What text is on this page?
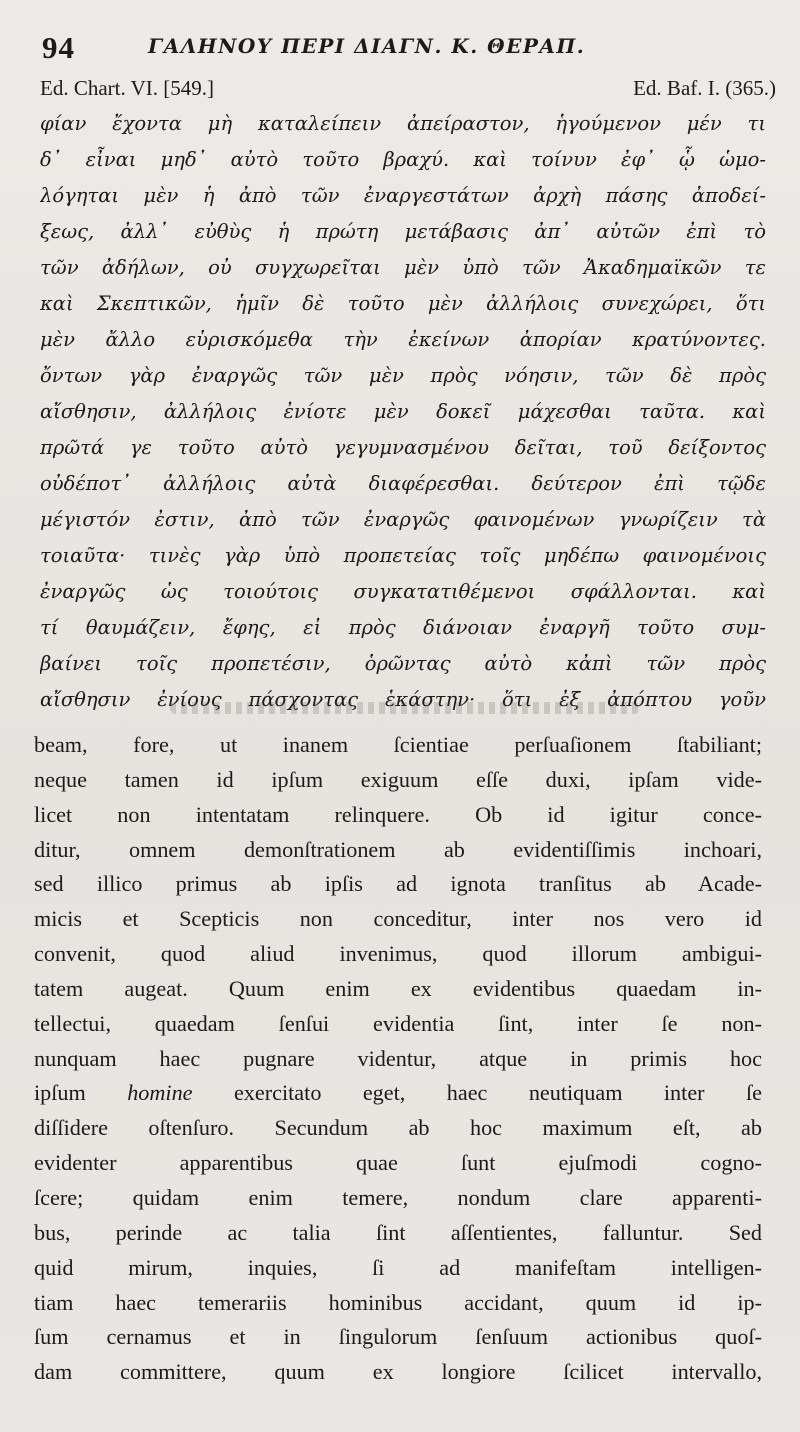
94	ΓΑΛΗΝΟΥ ΠΕΡΙ ΔΙΑΓΝ. Κ. ΘΕΡΑΠ.
Ed. Chart. VI. [549.]	Ed. Baf. I. (365.)
φίαν ἔχοντα μὴ καταλείπειν ἀπείραστον, ἡγούμενον μέν τι
δ᾽ εἶναι μηδ᾽ αὐτὸ τοῦτο βραχύ. καὶ τοίνυν ἐφ᾽ ᾧ ὡμο-
λόγηται μὲν ἡ ἀπὸ τῶν ἐναργεστάτων ἀρχὴ πάσης ἀποδεί-
ξεως, ἀλλ᾽ εὐθὺς ἡ πρώτη μετάβασις ἀπ᾽ αὐτῶν ἐπὶ τὸ
τῶν ἀδήλων, οὐ συγχωρεῖται μὲν ὑπὸ τῶν Ἀκαδημαϊκῶν τε
καὶ Σκεπτικῶν, ἡμῖν δὲ τοῦτο μὲν ἀλλήλοις συνεχώρει, ὅτι
μὲν ἄλλο εὑρισκόμεθα τὴν ἐκείνων ἀπορίαν κρατύνοντες.
ὄντων γὰρ ἐναργῶς τῶν μὲν πρὸς νόησιν, τῶν δὲ πρὸς
αἴσθησιν, ἀλλήλοις ἐνίοτε μὲν δοκεῖ μάχεσθαι ταῦτα. καὶ
πρῶτά γε τοῦτο αὐτὸ γεγυμνασμένου δεῖται, τοῦ δείξοντος
οὐδέποτ᾽ ἀλλήλοις αὐτὰ διαφέρεσθαι. δεύτερον ἐπὶ τῷδε
μέγιστόν ἐστιν, ἀπὸ τῶν ἐναργῶς φαινομένων γνωρίζειν τὰ
τοιαῦτα· τινὲς γὰρ ὑπὸ προπετείας τοῖς μηδέπω φαινομένοις
ἐναργῶς ὡς τοιούτοις συγκατατιθέμενοι σφάλλονται. καὶ
τί θαυμάζειν, ἔφης, εἰ πρὸς διάνοιαν ἐναργῆ τοῦτο συμ-
βαίνει τοῖς προπετέσιν, ὁρῶντας αὐτὸ κἀπὶ τῶν πρὸς
αἴσθησιν ἐνίους πάσχοντας ἑκάστην· ὅτι ἐξ ἀπόπτου γοῦν
beam, fore, ut inanem ſcientiae perſuaſionem ſtabiliant;
neque tamen id ipſum exiguum eſſe duxi, ipſam vide-
licet non intentatam relinquere. Ob id igitur conce-
ditur, omnem demonſtrationem ab evidentiſſimis inchoari,
sed illico primus ab ipſis ad ignota tranſitus ab Acade-
micis et Scepticis non conceditur, inter nos vero id
convenit, quod aliud invenimus, quod illorum ambigui-
tatem augeat. Quum enim ex evidentibus quaedam in-
tellectui, quaedam ſenſui evidentia ſint, inter ſe non-
nunquam haec pugnare videntur, atque in primis hoc
ipſum homine exercitato eget, haec neutiquam inter ſe
diſſidere oſtenſuro. Secundum ab hoc maximum eſt, ab
evidenter apparentibus quae ſunt ejuſmodi cogno-
ſcere; quidam enim temere, nondum clare apparenti-
bus, perinde ac talia ſint aſſentientes, falluntur. Sed
quid mirum, inquies, ſi ad manifeſtam intelligen-
tiam haec temerariis hominibus accidant, quum id ip-
ſum cernamus et in ſingulorum ſenſuum actionibus quoſ-
dam committere, quum ex longiore ſcilicet intervallo,
